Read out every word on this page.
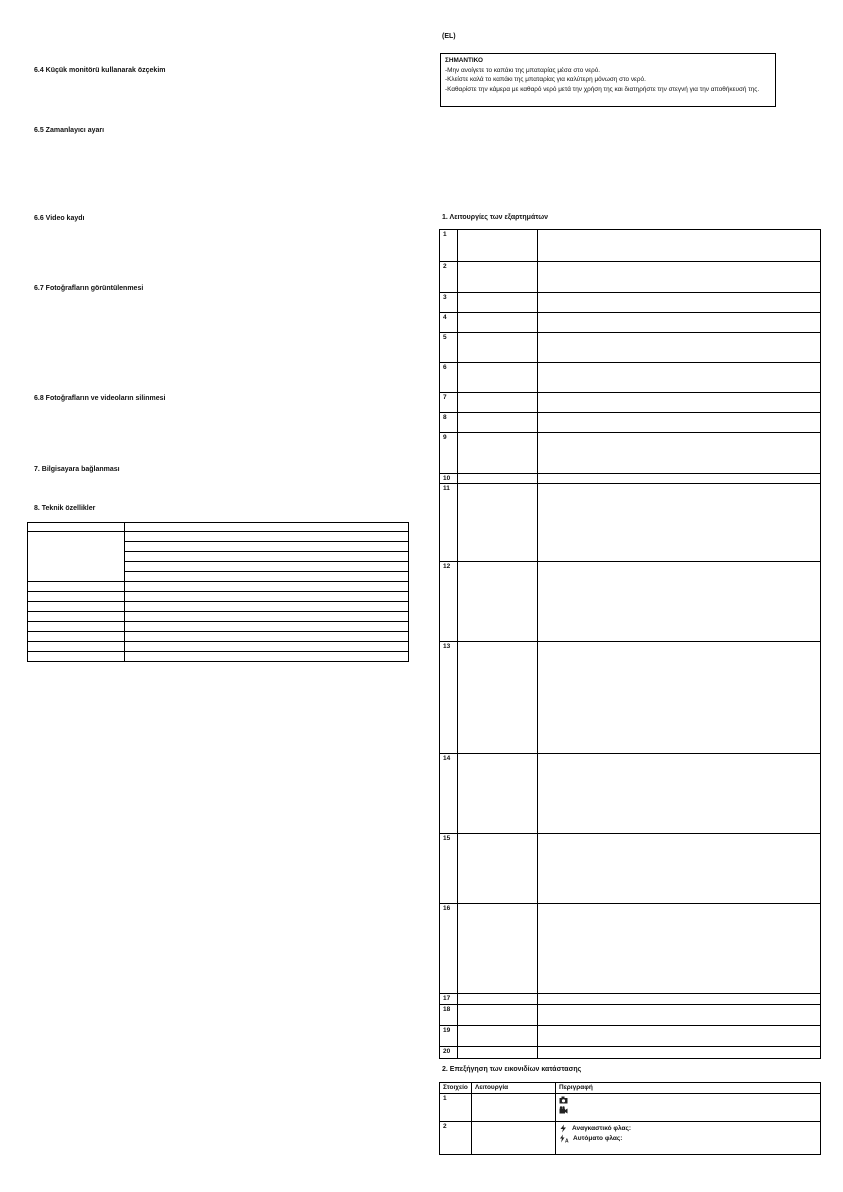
(EL)
ΣΗΜΑΝΤΙΚΟ
-Μην ανοίγετε το καπάκι της μπαταρίας μέσα στο νερό.
-Κλείστε καλά το καπάκι της μπαταρίας για καλύτερη μόνωση στο νερό.
-Καθαρίστε την κάμερα με καθαρό νερό μετά την χρήση της και διατηρήστε την στεγνή για την αποθήκευσή της.
6.4 Küçük monitörü kullanarak özçekim
6.5 Zamanlayıcı ayarı
6.6 Video kaydı
6.7 Fotoğrafların görüntülenmesi
6.8 Fotoğrafların ve videoların silinmesi
7. Bilgisayara bağlanması
8. Teknik özellikler

1. Λειτουργίες των εξαρτημάτων
1		
2		
3		
4		
5		
6		
7		
8		
9		
10		
11		
12		
13		
14		
15		
16		
17		
18		
19		
20		
2. Επεξήγηση των εικονιδίων κατάστασης
Στοιχείο	Λειτουργία	Περιγραφή
1		

2		Αναγκαστικό φλας:
A Αυτόματο φλας:
